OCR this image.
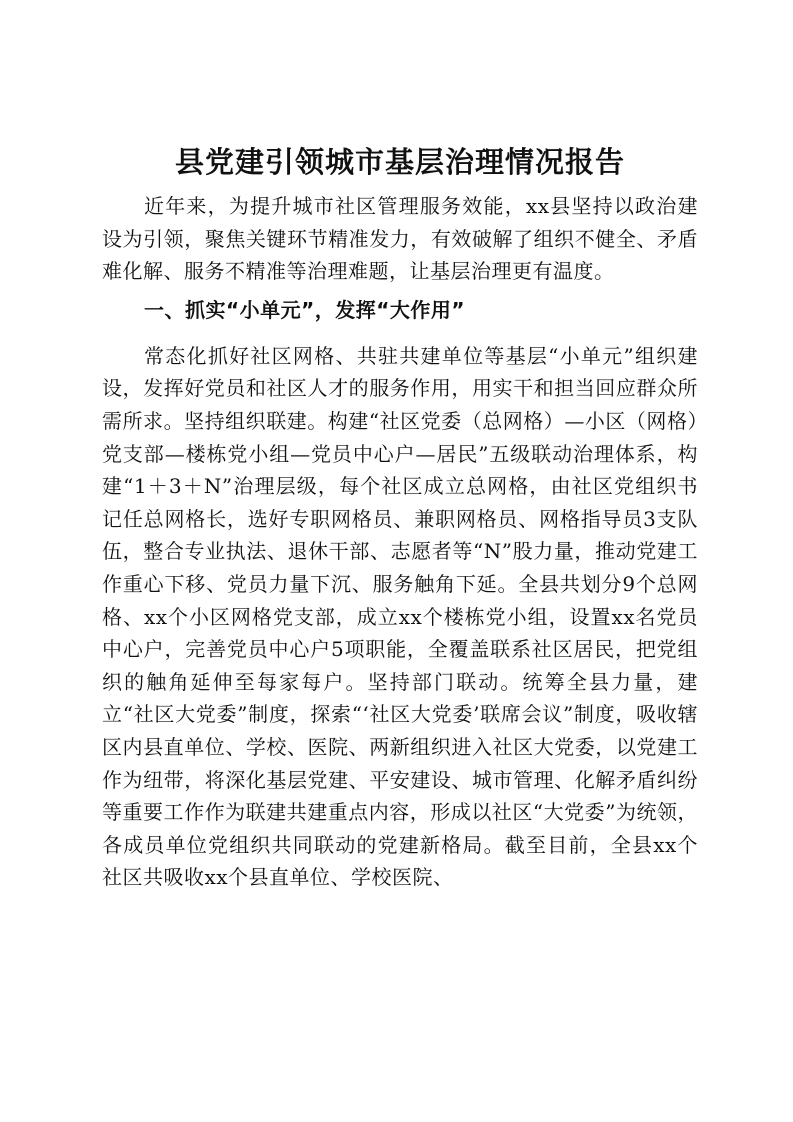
县党建引领城市基层治理情况报告

近年来，为提升城市社区管理服务效能，xx县坚持以政治建设为引领，聚焦关键环节精准发力，有效破解了组织不健全、矛盾难化解、服务不精准等治理难题，让基层治理更有温度。

一、抓实“小单元”，发挥“大作用”

常态化抓好社区网格、共驻共建单位等基层“小单元”组织建设，发挥好党员和社区人才的服务作用，用实干和担当回应群众所需所求。坚持组织联建。构建“社区党委（总网格）—小区（网格）党支部—楼栋党小组—党员中心户—居民”五级联动治理体系，构建“1＋3＋N”治理层级，每个社区成立总网格，由社区党组织书记任总网格长，选好专职网格员、兼职网格员、网格指导员3支队伍，整合专业执法、退休干部、志愿者等“N”股力量，推动党建工作重心下移、党员力量下沉、服务触角下延。全县共划分9个总网格、xx个小区网格党支部，成立xx个楼栋党小组，设置xx名党员中心户，完善党员中心户5项职能，全覆盖联系社区居民，把党组织的触角延伸至每家每户。坚持部门联动。统筹全县力量，建立“社区大党委”制度，探索“‘社区大党委’联席会议”制度，吸收辖区内县直单位、学校、医院、两新组织进入社区大党委，以党建工作为纽带，将深化基层党建、平安建设、城市管理、化解矛盾纠纷等重要工作作为联建共建重点内容，形成以社区“大党委”为统领，各成员单位党组织共同联动的党建新格局。截至目前，全县xx个社区共吸收xx个县直单位、学校医院、
